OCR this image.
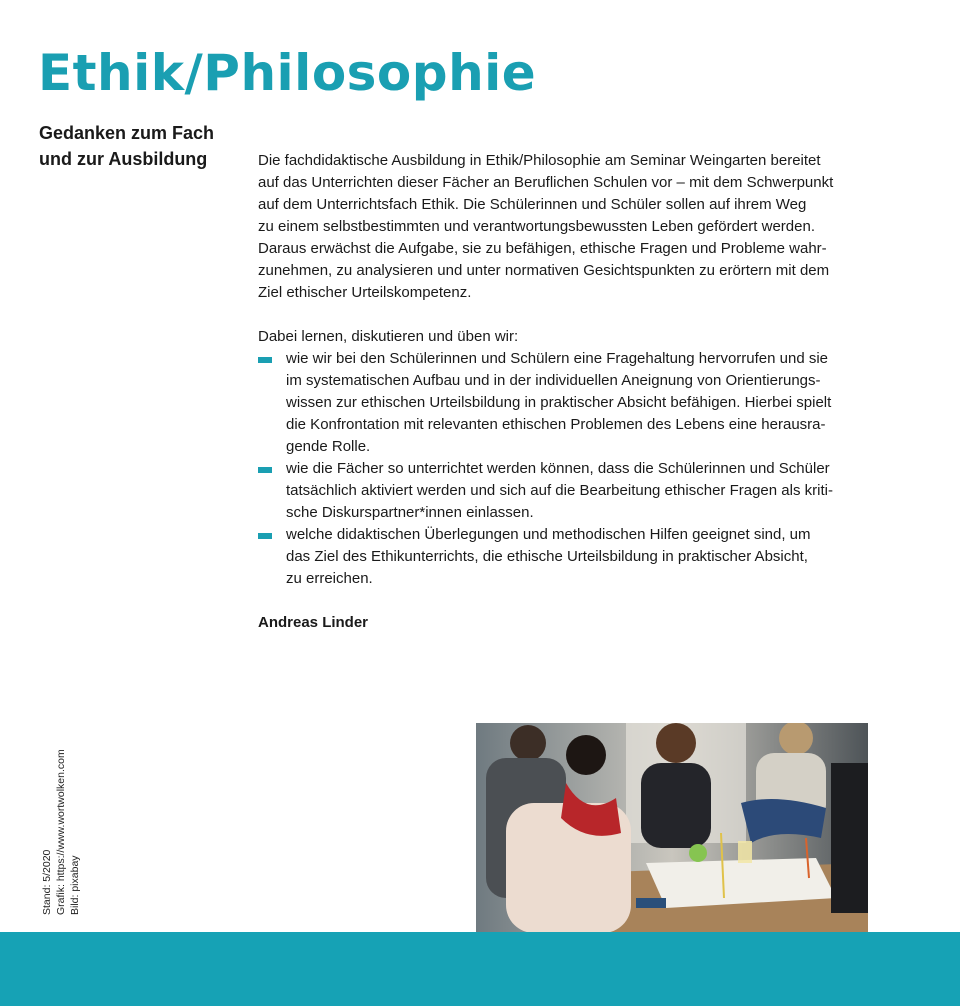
Ethik/Philosophie
Gedanken zum Fach
und zur Ausbildung	Die fachdidaktische Ausbildung in Ethik/Philosophie am Seminar Weingarten bereitet
auf das Unterrichten dieser Fächer an Beruflichen Schulen vor – mit dem Schwerpunkt
auf dem Unterrichtsfach Ethik. Die Schülerinnen und Schüler sollen auf ihrem Weg
zu einem selbstbestimmten und verantwortungsbewussten Leben gefördert werden.
Daraus erwächst die Aufgabe, sie zu befähigen, ethische Fragen und Probleme wahr-
zunehmen, zu analysieren und unter normativen Gesichtspunkten zu erörtern mit dem
Ziel ethischer Urteilskompetenz.

Dabei lernen, diskutieren und üben wir:

wie wir bei den Schülerinnen und Schülern eine Fragehaltung hervorrufen und sie
im systematischen Aufbau und in der individuellen Aneignung von Orientierungs-
wissen zur ethischen Urteilsbildung in praktischer Absicht befähigen. Hierbei spielt
die Konfrontation mit relevanten ethischen Problemen des Lebens eine herausra-
gende Rolle.
wie die Fächer so unterrichtet werden können, dass die Schülerinnen und Schüler
tatsächlich aktiviert werden und sich auf die Bearbeitung ethischer Fragen als kriti-
sche Diskurspartner*innen einlassen.
welche didaktischen Überlegungen und methodischen Hilfen geeignet sind, um
das Ziel des Ethikunterrichts, die ethische Urteilsbildung in praktischer Absicht,
zu erreichen.

Andreas Linder

Stand: 5/2020 Grafik: https://www.wortwolken.com Bild: pixabay
